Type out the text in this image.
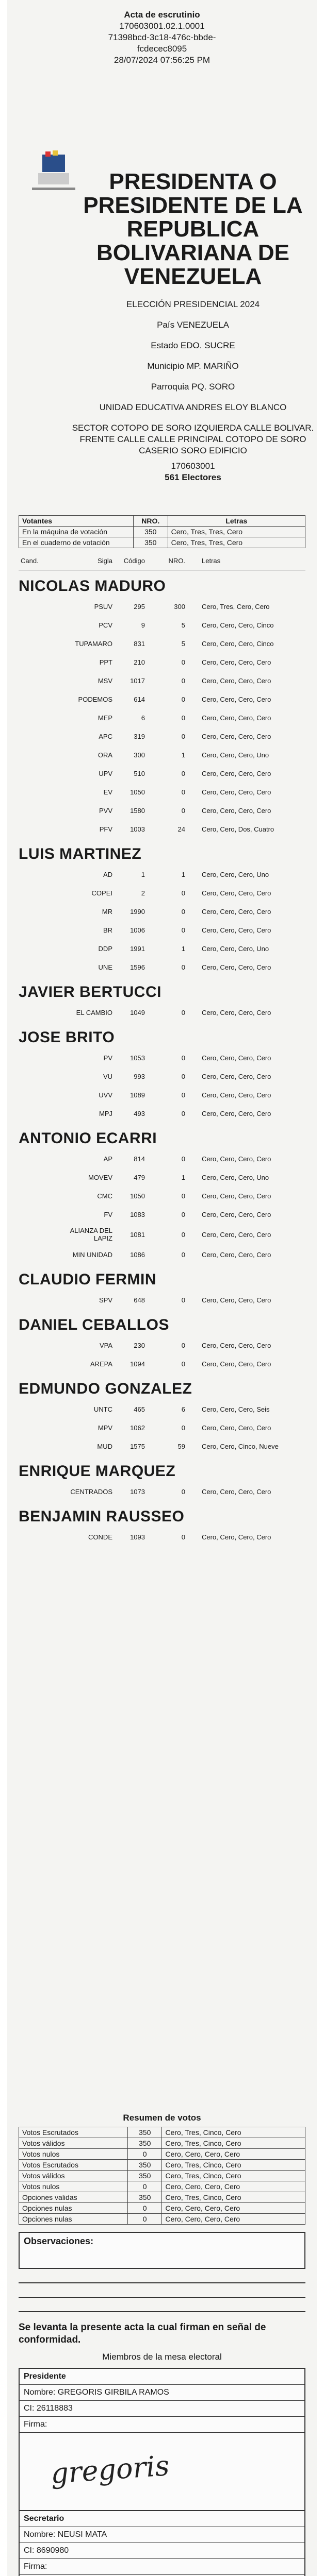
Acta de escrutinio
170603001.02.1.0001
71398bcd-3c18-476c-bbde-
fcdecec8095
28/07/2024 07:56:25 PM
PRESIDENTA O
PRESIDENTE DE LA
REPUBLICA
BOLIVARIANA DE
VENEZUELA
ELECCIÓN PRESIDENCIAL 2024
País VENEZUELA
Estado EDO. SUCRE
Municipio MP. MARIÑO
Parroquia PQ. SORO
UNIDAD EDUCATIVA ANDRES ELOY BLANCO
SECTOR COTOPO DE SORO IZQUIERDA CALLE BOLIVAR. FRENTE CALLE CALLE PRINCIPAL COTOPO DE SORO CASERIO SORO EDIFICIO
170603001
561 Electores
Votantes	NRO.	Letras
En la máquina de votación	350	Cero, Tres, Tres, Cero
En el cuaderno de votación	350	Cero, Tres, Tres, Cero
Cand.	Sigla	Código	NRO.	Letras
NICOLAS MADURO
	PSUV	295	300	Cero, Tres, Cero, Cero
	PCV	9	5	Cero, Cero, Cero, Cinco
	TUPAMARO	831	5	Cero, Cero, Cero, Cinco
	PPT	210	0	Cero, Cero, Cero, Cero
	MSV	1017	0	Cero, Cero, Cero, Cero
	PODEMOS	614	0	Cero, Cero, Cero, Cero
	MEP	6	0	Cero, Cero, Cero, Cero
	APC	319	0	Cero, Cero, Cero, Cero
	ORA	300	1	Cero, Cero, Cero, Uno
	UPV	510	0	Cero, Cero, Cero, Cero
	EV	1050	0	Cero, Cero, Cero, Cero
	PVV	1580	0	Cero, Cero, Cero, Cero
	PFV	1003	24	Cero, Cero, Dos, Cuatro
LUIS MARTINEZ
	AD	1	1	Cero, Cero, Cero, Uno
	COPEI	2	0	Cero, Cero, Cero, Cero
	MR	1990	0	Cero, Cero, Cero, Cero
	BR	1006	0	Cero, Cero, Cero, Cero
	DDP	1991	1	Cero, Cero, Cero, Uno
	UNE	1596	0	Cero, Cero, Cero, Cero
JAVIER BERTUCCI
	EL CAMBIO	1049	0	Cero, Cero, Cero, Cero
JOSE BRITO
	PV	1053	0	Cero, Cero, Cero, Cero
	VU	993	0	Cero, Cero, Cero, Cero
	UVV	1089	0	Cero, Cero, Cero, Cero
	MPJ	493	0	Cero, Cero, Cero, Cero
ANTONIO ECARRI
	AP	814	0	Cero, Cero, Cero, Cero
	MOVEV	479	1	Cero, Cero, Cero, Uno
	CMC	1050	0	Cero, Cero, Cero, Cero
	FV	1083	0	Cero, Cero, Cero, Cero
	ALIANZA DEL LAPIZ	1081	0	Cero, Cero, Cero, Cero
	MIN UNIDAD	1086	0	Cero, Cero, Cero, Cero
CLAUDIO FERMIN
	SPV	648	0	Cero, Cero, Cero, Cero
DANIEL CEBALLOS
	VPA	230	0	Cero, Cero, Cero, Cero
	AREPA	1094	0	Cero, Cero, Cero, Cero
EDMUNDO GONZALEZ
	UNTC	465	6	Cero, Cero, Cero, Seis
	MPV	1062	0	Cero, Cero, Cero, Cero
	MUD	1575	59	Cero, Cero, Cinco, Nueve
ENRIQUE MARQUEZ
	CENTRADOS	1073	0	Cero, Cero, Cero, Cero
BENJAMIN RAUSSEO
	CONDE	1093	0	Cero, Cero, Cero, Cero
Resumen de votos
Votos Escrutados	350	Cero, Tres, Cinco, Cero
Votos válidos	350	Cero, Tres, Cinco, Cero
Votos nulos	0	Cero, Cero, Cero, Cero
Votos Escrutados	350	Cero, Tres, Cinco, Cero
Votos válidos	350	Cero, Tres, Cinco, Cero
Votos nulos	0	Cero, Cero, Cero, Cero
Opciones validas	350	Cero, Tres, Cinco, Cero
Opciones nulas	0	Cero, Cero, Cero, Cero
Opciones nulas	0	Cero, Cero, Cero, Cero
Observaciones:
Se levanta la presente acta la cual firman en señal de conformidad.
Miembros de la mesa electoral
Presidente
Nombre: GREGORIS GIRBILA RAMOS
CI: 26118883
Firma:
gregoris
Secretario
Nombre: NEUSI MATA
CI: 8690980
Firma:
